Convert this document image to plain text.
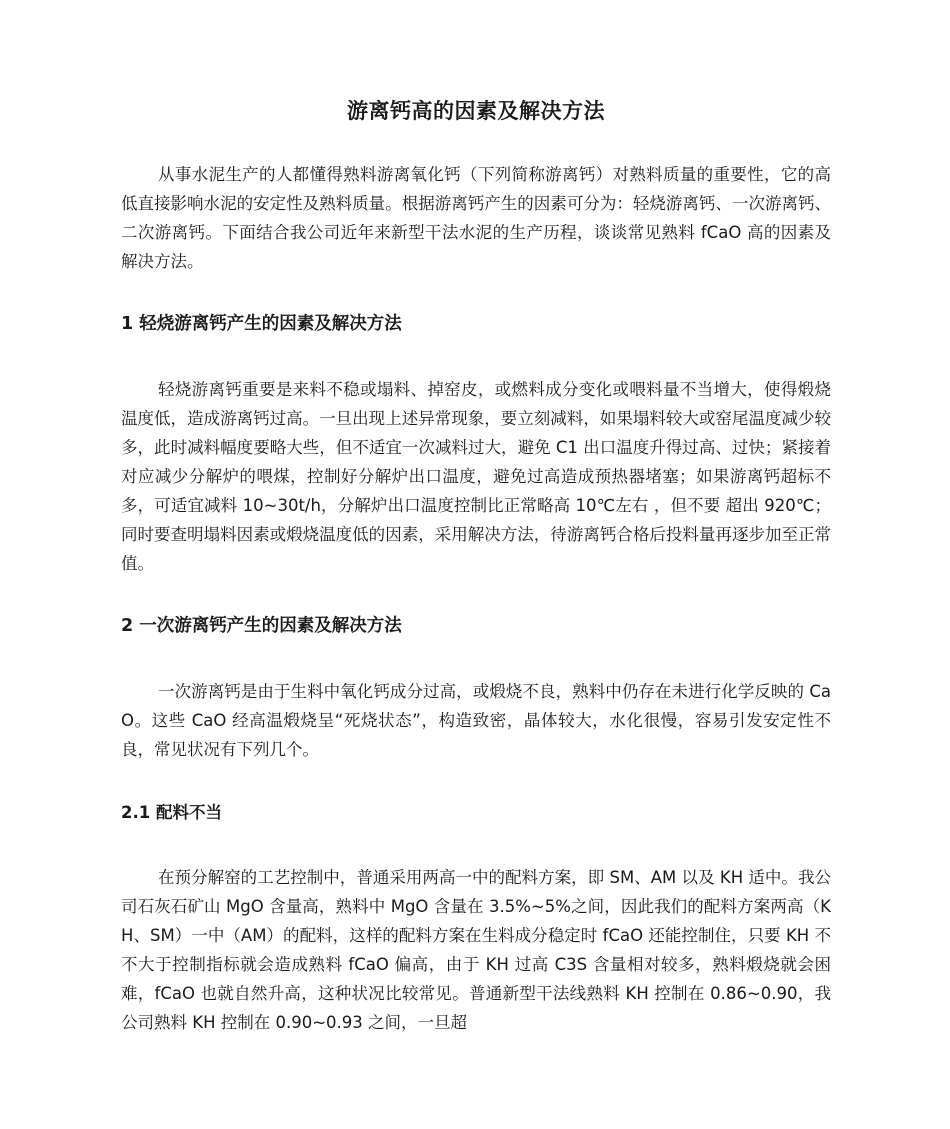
游离钙高的因素及解决方法

从事水泥生产的人都懂得熟料游离氧化钙（下列简称游离钙）对熟料质量的重要性，它的高低直接影响水泥的安定性及熟料质量。根据游离钙产生的因素可分为：轻烧游离钙、一次游离钙、二次游离钙。下面结合我公司近年来新型干法水泥的生产历程，谈谈常见熟料 fCaO 高的因素及解决方法。

1 轻烧游离钙产生的因素及解决方法

轻烧游离钙重要是来料不稳或塌料、掉窑皮，或燃料成分变化或喂料量不当增大，使得煅烧温度低，造成游离钙过高。一旦出现上述异常现象，要立刻减料，如果塌料较大或窑尾温度减少较多，此时减料幅度要略大些，但不适宜一次减料过大，避免 C1 出口温度升得过高、过快；紧接着对应减少分解炉的喂煤，控制好分解炉出口温度，避免过高造成预热器堵塞；如果游离钙超标不多，可适宜减料 10~30t/h，分解炉出口温度控制比正常略高 10℃左右 ，但不要 超出 920℃；同时要查明塌料因素或煅烧温度低的因素，采用解决方法，待游离钙合格后投料量再逐步加至正常值。

2 一次游离钙产生的因素及解决方法

一次游离钙是由于生料中氧化钙成分过高，或煅烧不良，熟料中仍存在未进行化学反映的 CaO。这些 CaO 经高温煅烧呈“死烧状态”，构造致密，晶体较大，水化很慢，容易引发安定性不良，常见状况有下列几个。

2.1 配料不当

在预分解窑的工艺控制中，普通采用两高一中的配料方案，即 SM、AM 以及 KH 适中。我公司石灰石矿山 MgO 含量高，熟料中 MgO 含量在 3.5%~5%之间，因此我们的配料方案两高（KH、SM）一中（AM）的配料，这样的配料方案在生料成分稳定时 fCaO 还能控制住，只要 KH 不不大于控制指标就会造成熟料 fCaO 偏高，由于 KH 过高 C3S 含量相对较多，熟料煅烧就会困难，fCaO 也就自然升高，这种状况比较常见。普通新型干法线熟料 KH 控制在 0.86~0.90，我公司熟料 KH 控制在 0.90~0.93 之间，一旦超
